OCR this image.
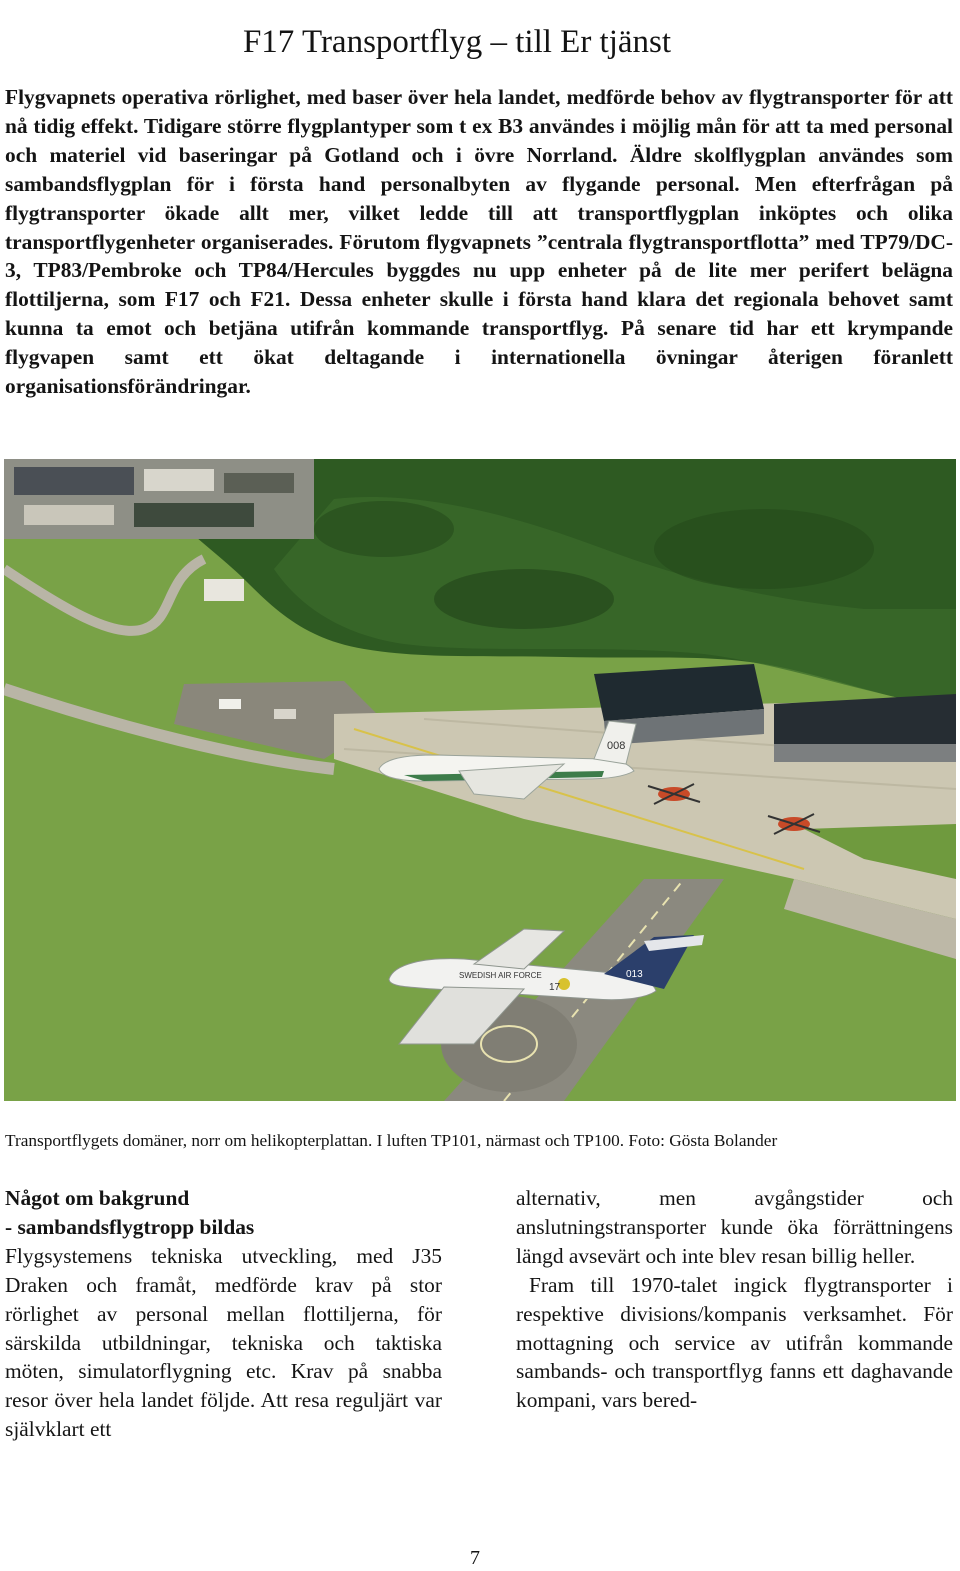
F17 Transportflyg – till Er tjänst

Flygvapnets operativa rörlighet, med baser över hela landet, medförde behov av flygtransporter för att nå tidig effekt. Tidigare större flygplantyper som t ex B3 användes i möjlig mån för att ta med personal och materiel vid baseringar på Gotland och i övre Norrland. Äldre skolflygplan användes som sambandsflygplan för i första hand personalbyten av flygande personal. Men efterfrågan på flygtransporter ökade allt mer, vilket ledde till att transportflygplan inköptes och olika transportflygenheter organiserades. Förutom flygvapnets ”centrala flygtransportflotta” med TP79/DC-3, TP83/Pembroke och TP84/Hercules byggdes nu upp enheter på de lite mer perifert belägna flottiljerna, som F17 och F21. Dessa enheter skulle i första hand klara det regionala behovet samt kunna ta emot och betjäna utifrån kommande transportflyg. På senare tid har ett krympande flygvapen samt ett ökat deltagande i internationella övningar återigen föranlett organisationsförändringar.

008
SWEDISH AIR FORCE
17
013

Transportflygets domäner, norr om helikopterplattan. I luften TP101, närmast och TP100. Foto: Gösta Bolander

Något om bakgrund
- sambandsflygtropp bildas

Flygsystemens tekniska utveckling, med J35 Draken och framåt, medförde krav på stor rörlighet av personal mellan flottiljerna, för särskilda utbildningar, tekniska och taktiska möten, simulatorflygning etc. Krav på snabba resor över hela landet följde. Att resa reguljärt var självklart ett

alternativ, men avgångstider och anslutningstransporter kunde öka förrättningens längd avsevärt och inte blev resan billig heller.

Fram till 1970-talet ingick flygtransporter i respektive divisions/kompanis verksamhet. För mottagning och service av utifrån kommande sambands- och transportflyg fanns ett daghavande kompani, vars bered-

7
